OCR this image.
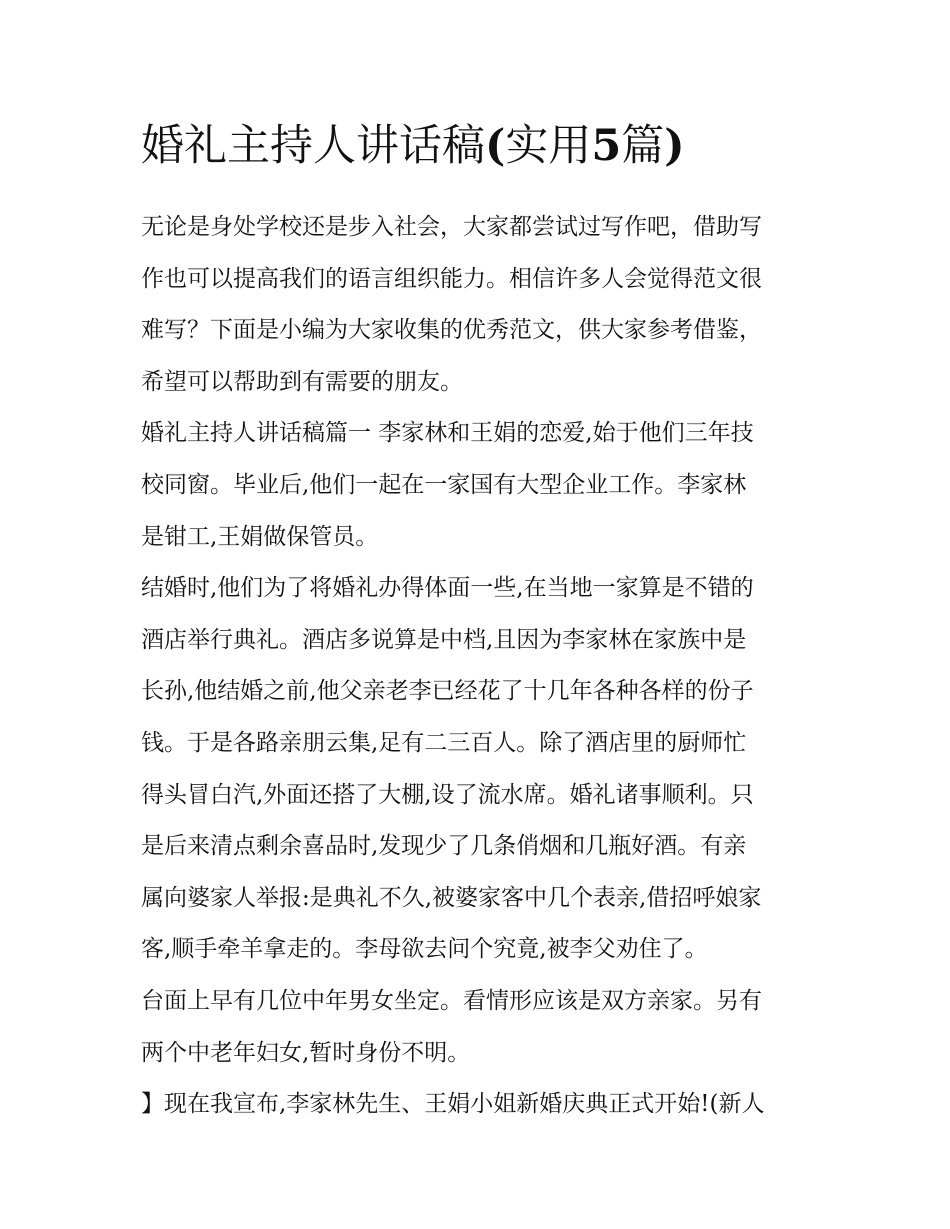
婚礼主持人讲话稿(实用5篇)

无论是身处学校还是步入社会，大家都尝试过写作吧，借助写

作也可以提高我们的语言组织能力。相信许多人会觉得范文很

难写？下面是小编为大家收集的优秀范文，供大家参考借鉴，

希望可以帮助到有需要的朋友。

婚礼主持人讲话稿篇一 李家林和王娟的恋爱,始于他们三年技

校同窗。毕业后,他们一起在一家国有大型企业工作。李家林

是钳工,王娟做保管员。

结婚时,他们为了将婚礼办得体面一些,在当地一家算是不错的

酒店举行典礼。酒店多说算是中档,且因为李家林在家族中是

长孙,他结婚之前,他父亲老李已经花了十几年各种各样的份子

钱。于是各路亲朋云集,足有二三百人。除了酒店里的厨师忙

得头冒白汽,外面还搭了大棚,设了流水席。婚礼诸事顺利。只

是后来清点剩余喜品时,发现少了几条俏烟和几瓶好酒。有亲

属向婆家人举报:是典礼不久,被婆家客中几个表亲,借招呼娘家

客,顺手牵羊拿走的。李母欲去问个究竟,被李父劝住了。

台面上早有几位中年男女坐定。看情形应该是双方亲家。另有

两个中老年妇女,暂时身份不明。

】现在我宣布,李家林先生、王娟小姐新婚庆典正式开始!(新人
